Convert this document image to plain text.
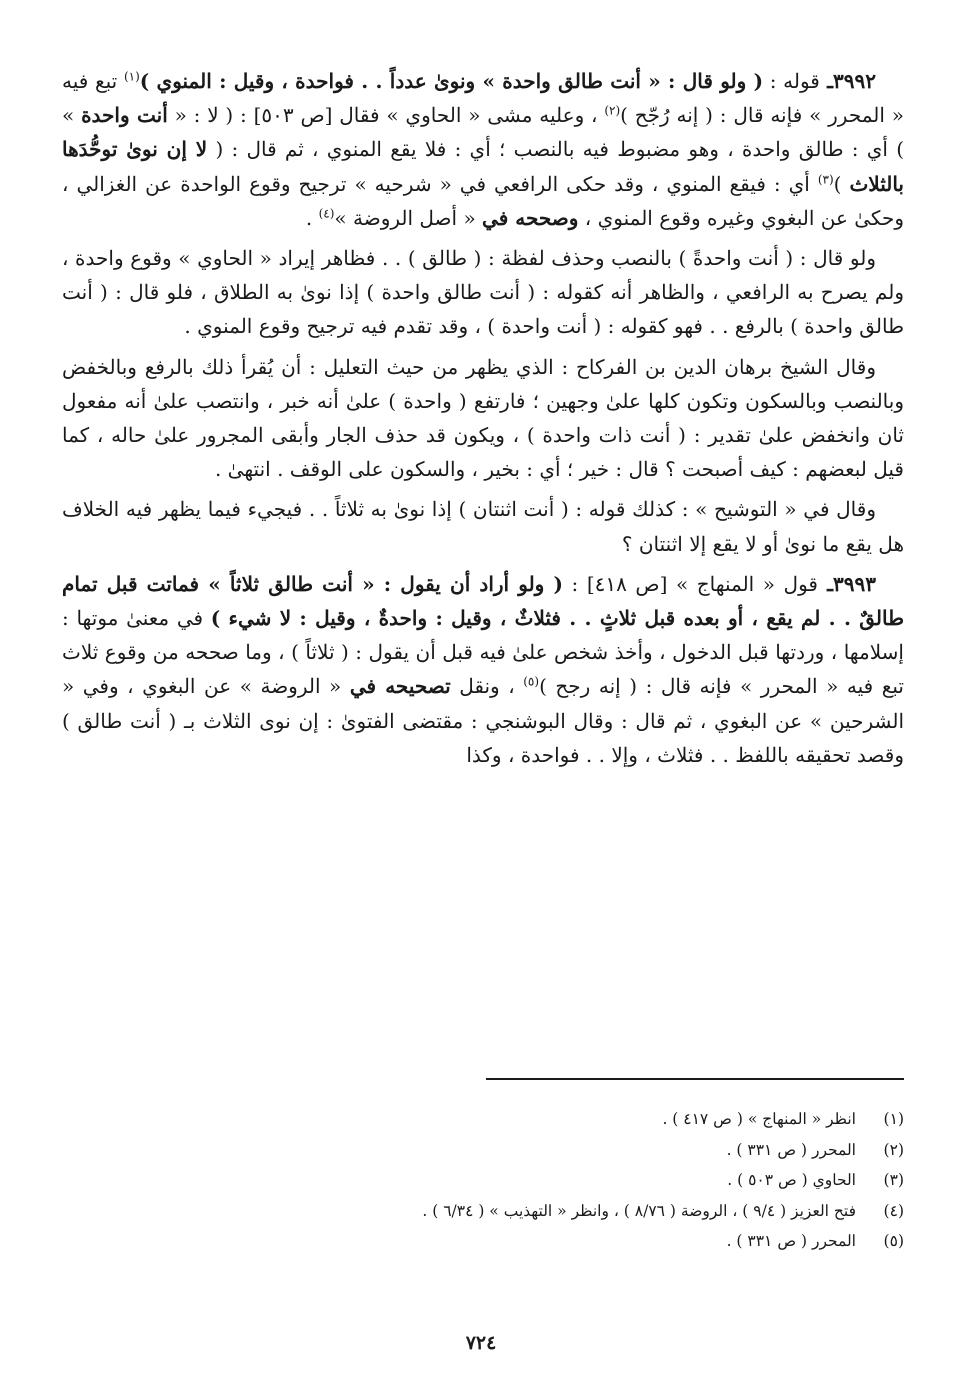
٣٩٩٢ـ قوله : ( ولو قال : « أنت طالق واحدة » ونوىٰ عدداً . . فواحدة ، وقيل : المنوي )$^{(١)}$ تبع فيه « المحرر » فإنه قال : ( إنه رُجّح )$^{(٢)}$ ، وعليه مشى « الحاوي » فقال [ص ٥٠٣] : ( لا : « أنت واحدة » ) أي : طالق واحدة ، وهو مضبوط فيه بالنصب ؛ أي : فلا يقع المنوي ، ثم قال : ( لا إن نوىٰ توحُّدَها بالثلاث )$^{(٣)}$ أي : فيقع المنوي ، وقد حكى الرافعي في « شرحيه » ترجيح وقوع الواحدة عن الغزالي ، وحكىٰ عن البغوي وغيره وقوع المنوي ، وصححه في « أصل الروضة »$^{(٤)}$ .

ولو قال : ( أنت واحدةً ) بالنصب وحذف لفظة : ( طالق ) . . فظاهر إيراد « الحاوي » وقوع واحدة ، ولم يصرح به الرافعي ، والظاهر أنه كقوله : ( أنت طالق واحدة ) إذا نوىٰ به الطلاق ، فلو قال : ( أنت طالق واحدة ) بالرفع . . فهو كقوله : ( أنت واحدة ) ، وقد تقدم فيه ترجيح وقوع المنوي .

وقال الشيخ برهان الدين بن الفركاح : الذي يظهر من حيث التعليل : أن يُقرأ ذلك بالرفع وبالخفض وبالنصب وبالسكون وتكون كلها علىٰ وجهين ؛ فارتفع ( واحدة ) علىٰ أنه خبر ، وانتصب علىٰ أنه مفعول ثان وانخفض علىٰ تقدير : ( أنت ذات واحدة ) ، ويكون قد حذف الجار وأبقى المجرور علىٰ حاله ، كما قيل لبعضهم : كيف أصبحت ؟ قال : خير ؛ أي : بخير ، والسكون على الوقف . انتهىٰ .

وقال في « التوشيح » : كذلك قوله : ( أنت اثنتان ) إذا نوىٰ به ثلاثاً . . فيجيء فيما يظهر فيه الخلاف هل يقع ما نوىٰ أو لا يقع إلا اثنتان ؟

٣٩٩٣ـ قول « المنهاج » [ص ٤١٨] : ( ولو أراد أن يقول : « أنت طالق ثلاثاً » فماتت قبل تمام طالقٌ . . لم يقع ، أو بعده قبل ثلاثٍ . . فثلاثٌ ، وقيل : واحدةٌ ، وقيل : لا شيء ) في معنىٰ موتها : إسلامها ، وردتها قبل الدخول ، وأخذ شخص علىٰ فيه قبل أن يقول : ( ثلاثاً ) ، وما صححه من وقوع ثلاث تبع فيه « المحرر » فإنه قال : ( إنه رجح )$^{(٥)}$ ، ونقل تصحيحه في « الروضة » عن البغوي ، وفي « الشرحين » عن البغوي ، ثم قال : وقال البوشنجي : مقتضى الفتوىٰ : إن نوى الثلاث بـ ( أنت طالق ) وقصد تحقيقه باللفظ . . فثلاث ، وإلا . . فواحدة ، وكذا

(١)
انظر « المنهاج » ( ص ٤١٧ ) .
(٢)
المحرر ( ص ٣٣١ ) .
(٣)
الحاوي ( ص ٥٠٣ ) .
(٤)
فتح العزيز ( ٩/٤ ) ، الروضة ( ٨/٧٦ ) ، وانظر « التهذيب » ( ٦/٣٤ ) .
(٥)
المحرر ( ص ٣٣١ ) .
٧٢٤
